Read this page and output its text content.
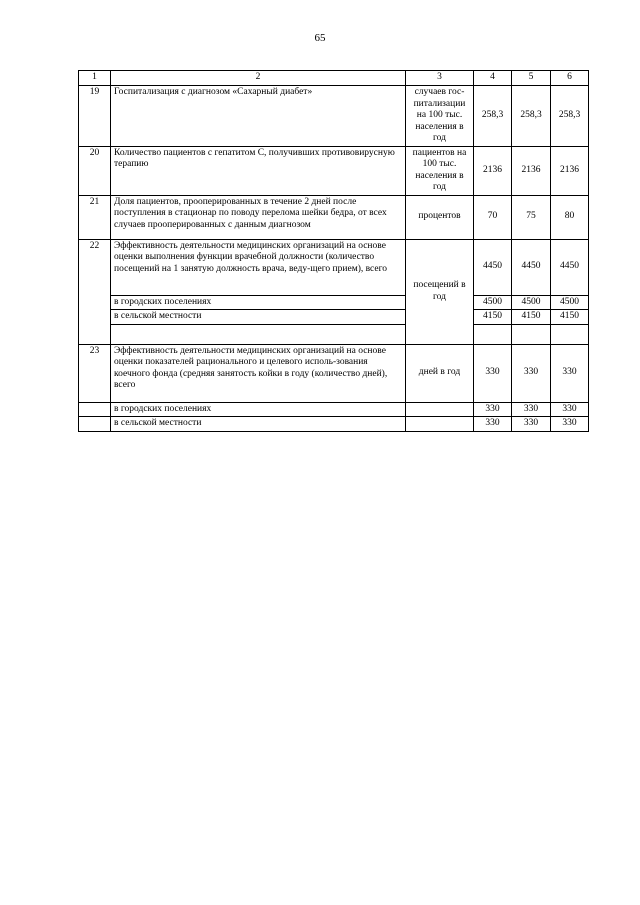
65
1	2	3	4	5	6
19	Госпитализация с диагнозом «Сахарный диабет»	случаев гос-питализации на 100 тыс. населения в год	258,3	258,3	258,3
20	Количество пациентов с гепатитом С, получивших противовирусную терапию	пациентов на 100 тыс. населения в год	2136	2136	2136
21	Доля пациентов, прооперированных в течение 2 дней после поступления в стационар по поводу перелома шейки бедра, от всех случаев прооперированных с данным диагнозом	процентов	70	75	80
22	Эффективность деятельности медицинских организаций на основе оценки выполнения функции врачебной должности (количество посещений на 1 занятую должность врача, веду-щего прием), всего	посещений в год	4450	4450	4450
	в городских поселениях		4500	4500	4500
	в сельской местности		4150	4150	4150

23	Эффективность деятельности медицинских организаций на основе оценки показателей рационального и целевого исполь-зования коечного фонда (средняя занятость койки в году (количество дней), всего	дней в год	330	330	330
	в городских поселениях		330	330	330
	в сельской местности		330	330	330
